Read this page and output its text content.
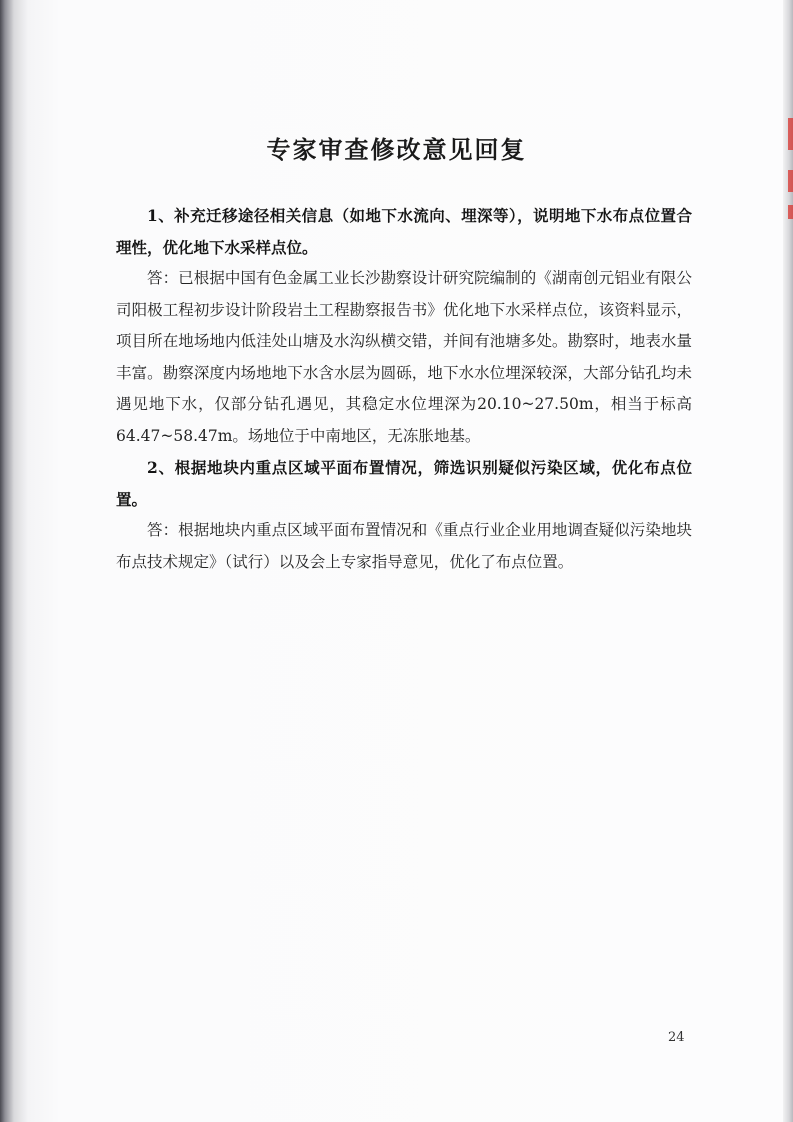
专家审查修改意见回复

1、补充迁移途径相关信息（如地下水流向、埋深等），说明地下水布点位置合理性，优化地下水采样点位。

答：已根据中国有色金属工业长沙勘察设计研究院编制的《湖南创元铝业有限公司阳极工程初步设计阶段岩土工程勘察报告书》优化地下水采样点位，该资料显示，项目所在地场地内低洼处山塘及水沟纵横交错，并间有池塘多处。勘察时，地表水量丰富。勘察深度内场地地下水含水层为圆砾，地下水水位埋深较深，大部分钻孔均未遇见地下水，仅部分钻孔遇见，其稳定水位埋深为20.10~27.50m，相当于标高64.47~58.47m。场地位于中南地区，无冻胀地基。

2、根据地块内重点区域平面布置情况，筛选识别疑似污染区域，优化布点位置。

答：根据地块内重点区域平面布置情况和《重点行业企业用地调查疑似污染地块布点技术规定》（试行）以及会上专家指导意见，优化了布点位置。

24
